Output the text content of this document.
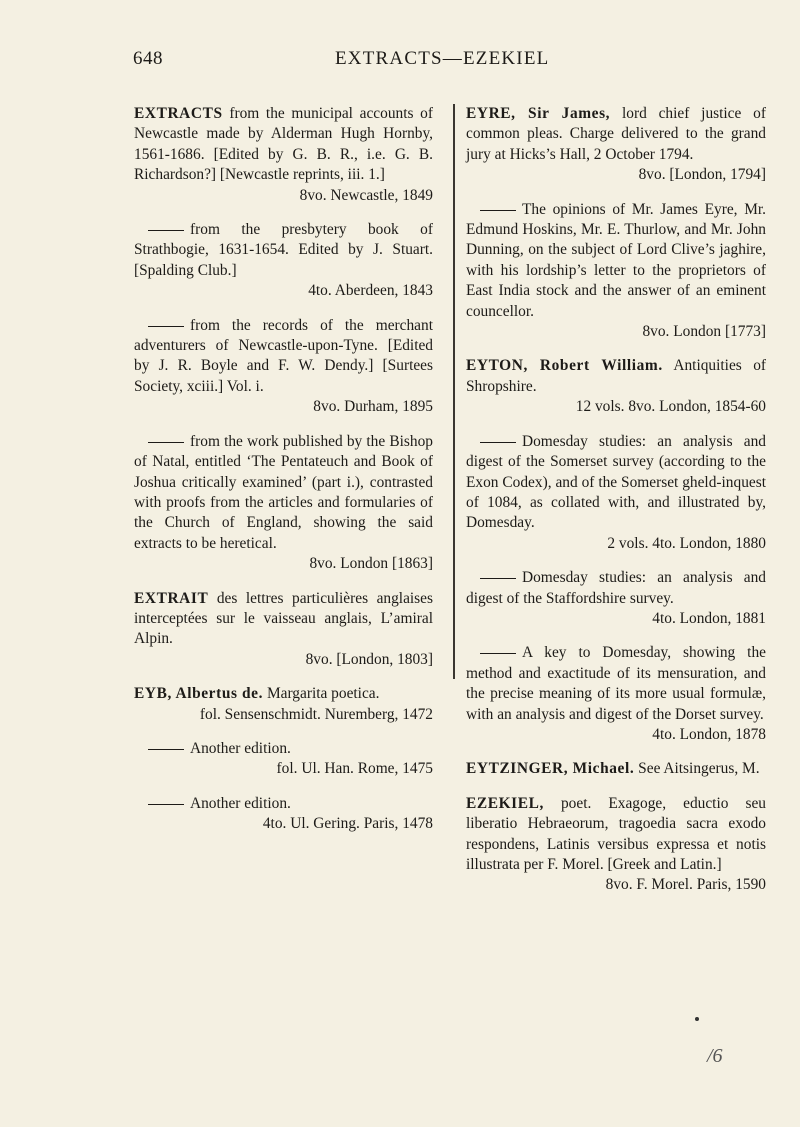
648	EXTRACTS—EZEKIEL

EXTRACTS from the municipal accounts of Newcastle made by Alderman Hugh Hornby, 1561-1686. [Edited by G. B. R., i.e. G. B. Richardson?] [Newcastle reprints, iii. 1.]

8vo. Newcastle, 1849

from the presbytery book of Strathbogie, 1631-1654. Edited by J. Stuart. [Spalding Club.]

4to. Aberdeen, 1843

from the records of the merchant adventurers of Newcastle-upon-Tyne. [Edited by J. R. Boyle and F. W. Dendy.] [Surtees Society, xciii.] Vol. i.

8vo. Durham, 1895

from the work published by the Bishop of Natal, entitled ‘The Pentateuch and Book of Joshua critically examined’ (part i.), contrasted with proofs from the articles and formularies of the Church of England, showing the said extracts to be heretical.

8vo. London [1863]

EXTRAIT des lettres particulières anglaises interceptées sur le vaisseau anglais, L’amiral Alpin.

8vo. [London, 1803]

EYB, Albertus de. Margarita poetica.

fol. Sensenschmidt. Nuremberg, 1472

Another edition.

fol. Ul. Han. Rome, 1475

Another edition.

4to. Ul. Gering. Paris, 1478

EYRE, Sir James, lord chief justice of common pleas. Charge delivered to the grand jury at Hicks’s Hall, 2 October 1794.

8vo. [London, 1794]

The opinions of Mr. James Eyre, Mr. Edmund Hoskins, Mr. E. Thurlow, and Mr. John Dunning, on the subject of Lord Clive’s jaghire, with his lordship’s letter to the proprietors of East India stock and the answer of an eminent councellor.

8vo. London [1773]

EYTON, Robert William. Antiquities of Shropshire.

12 vols. 8vo. London, 1854-60

Domesday studies: an analysis and digest of the Somerset survey (according to the Exon Codex), and of the Somerset gheld-inquest of 1084, as collated with, and illustrated by, Domesday.

2 vols. 4to. London, 1880

Domesday studies: an analysis and digest of the Staffordshire survey.

4to. London, 1881

A key to Domesday, showing the method and exactitude of its mensuration, and the precise meaning of its more usual formulæ, with an analysis and digest of the Dorset survey.

4to. London, 1878

EYTZINGER, Michael. See Aitsingerus, M.

EZEKIEL, poet. Exagoge, eductio seu liberatio Hebraeorum, tragoedia sacra exodo respondens, Latinis versibus expressa et notis illustrata per F. Morel. [Greek and Latin.]

8vo. F. Morel. Paris, 1590

/6
